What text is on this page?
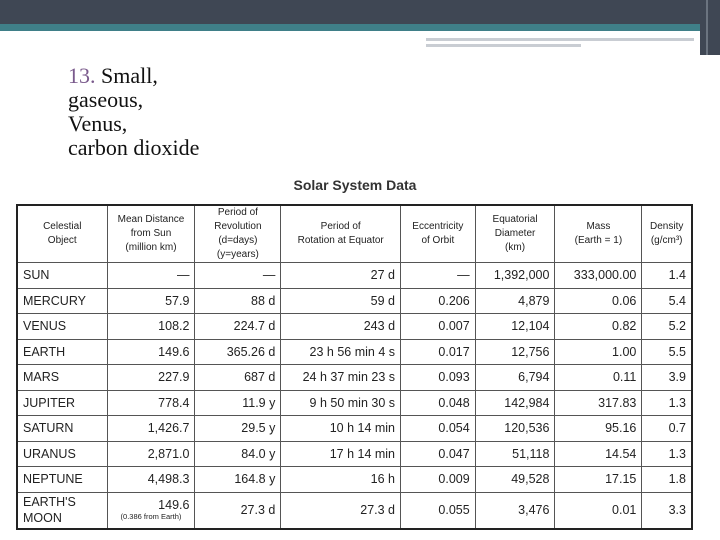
13. Small,
gaseous,
Venus,
carbon dioxide
Solar System Data
Celestial
Object	Mean Distance
from Sun
(million km)	Period of
Revolution
(d=days) (y=years)	Period of
Rotation at Equator	Eccentricity
of Orbit	Equatorial
Diameter
(km)	Mass
(Earth = 1)	Density
(g/cm³)

SUN	—	—	27 d	—	1,392,000	333,000.00	1.4
MERCURY	57.9	88 d	59 d	0.206	4,879	0.06	5.4
VENUS	108.2	224.7 d	243 d	0.007	12,104	0.82	5.2
EARTH	149.6	365.26 d	23 h 56 min 4 s	0.017	12,756	1.00	5.5
MARS	227.9	687 d	24 h 37 min 23 s	0.093	6,794	0.11	3.9
JUPITER	778.4	11.9 y	9 h 50 min 30 s	0.048	142,984	317.83	1.3
SATURN	1,426.7	29.5 y	10 h 14 min	0.054	120,536	95.16	0.7
URANUS	2,871.0	84.0 y	17 h 14 min	0.047	51,118	14.54	1.3
NEPTUNE	4,498.3	164.8 y	16 h	0.009	49,528	17.15	1.8

EARTH'S
MOON	149.6
(0.386 from Earth)	27.3 d	27.3 d	0.055	3,476	0.01	3.3
